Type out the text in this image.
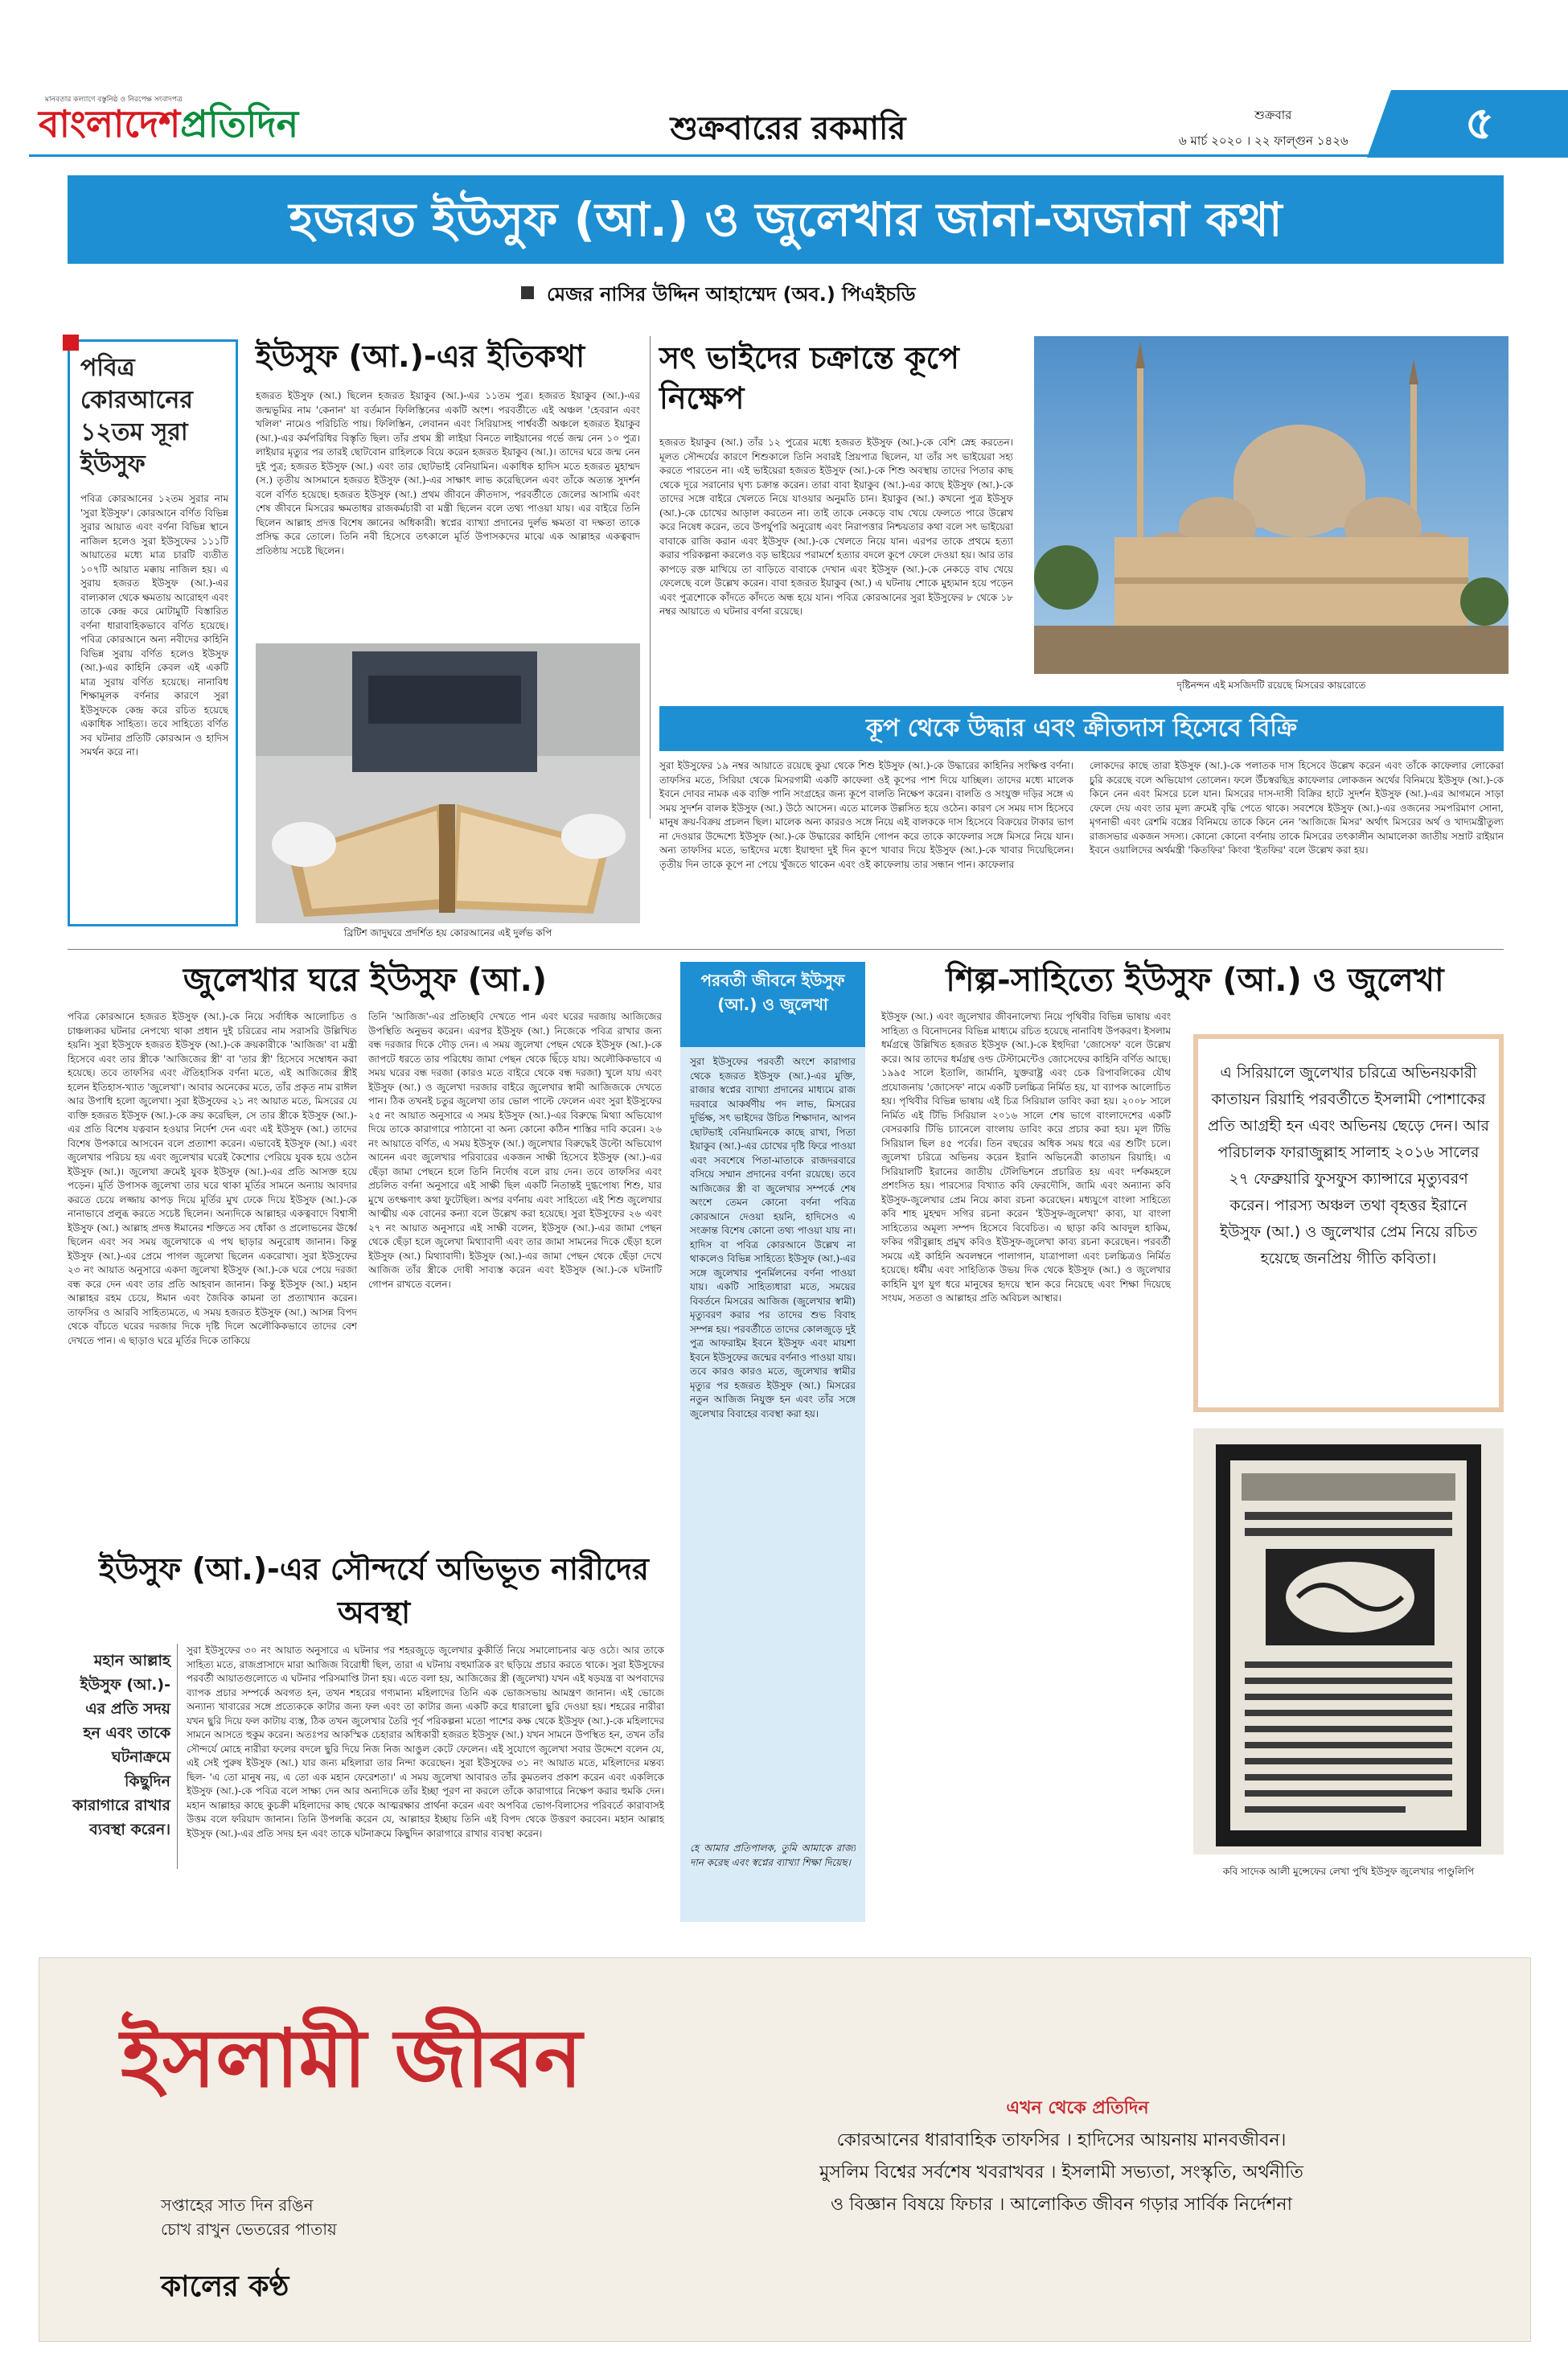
মানবতার কল্যাণে বস্তুনিষ্ঠ ও নিরপেক্ষ সংবাদপত্র
বাংলাদেশপ্রতিদিন	শুক্রবারের রকমারি	শুক্রবার
৬ মার্চ ২০২০ । ২২ ফাল্গুন ১৪২৬	৫
হজরত ইউসুফ (আ.) ও জুলেখার জানা-অজানা কথা
মেজর নাসির উদ্দিন আহাম্মেদ (অব.) পিএইচডি
পবিত্র কোরআনের ১২তম সূরা ইউসুফ

পবিত্র কোরআনের ১২তম সুরার নাম 'সুরা ইউসুফ'। কোরআনে বর্ণিত বিভিন্ন সুরার আয়াত এবং বর্ণনা বিভিন্ন স্থানে নাজিল হলেও সুরা ইউসুফের ১১১টি আয়াতের মধ্যে মাত্র চারটি ব্যতীত ১০৭টি আয়াত মক্কায় নাজিল হয়। এ সুরায় হজরত ইউসুফ (আ.)-এর বাল্যকাল থেকে ক্ষমতায় আরোহণ এবং তাকে কেন্দ্র করে মোটামুটি বিস্তারিত বর্ণনা ধারাবাহিকভাবে বর্ণিত হয়েছে। পবিত্র কোরআনে অন্য নবীদের কাহিনি বিভিন্ন সুরায় বর্ণিত হলেও ইউসুফ (আ.)-এর কাহিনি কেবল এই একটি মাত্র সুরায় বর্ণিত হয়েছে। নানাবিধ শিক্ষামূলক বর্ণনার কারণে সুরা ইউসুফকে কেন্দ্র করে রচিত হয়েছে একাধিক সাহিত্য। তবে সাহিত্যে বর্ণিত সব ঘটনার প্রতিটি কোরআন ও হাদিস সমর্থন করে না।

ইউসুফ (আ.)-এর ইতিকথা

হজরত ইউসুফ (আ.) ছিলেন হজরত ইয়াকুব (আ.)-এর ১১তম পুত্র। হজরত ইয়াকুব (আ.)-এর জন্মভূমির নাম 'কেনান' যা বর্তমান ফিলিস্তিনের একটি অংশ। পরবর্তীতে এই অঞ্চল 'হেবরান এবং খলিল' নামেও পরিচিতি পায়। ফিলিস্তিন, লেবানন এবং সিরিয়াসহ পার্শ্ববর্তী অঞ্চলে হজরত ইয়াকুব (আ.)-এর কর্মপরিধির বিস্তৃতি ছিল। তাঁর প্রথম স্ত্রী লাইয়া বিনতে লাইয়ানের গর্ভে জন্ম নেন ১০ পুত্র। লাইয়ার মৃত্যুর পর তারই ছোটবোন রাহিলকে বিয়ে করেন হজরত ইয়াকুব (আ.)। তাদের ঘরে জন্ম নেন দুই পুত্র; হজরত ইউসুফ (আ.) এবং তার ছোটভাই বেনিয়ামিন। একাধিক হাদিস মতে হজরত মুহাম্মদ (স.) তৃতীয় আসমানে হজরত ইউসুফ (আ.)-এর সাক্ষাৎ লাভ করেছিলেন এবং তাঁকে অত্যন্ত সুদর্শন বলে বর্ণিত হয়েছে। হজরত ইউসুফ (আ.) প্রথম জীবনে ক্রীতদাস, পরবর্তীতে জেলের আসামি এবং শেষ জীবনে মিসরের ক্ষমতাধর রাজকর্মচারী বা মন্ত্রী ছিলেন বলে তথ্য পাওয়া যায়। এর বাইরে তিনি ছিলেন আল্লাহ প্রদত্ত বিশেষ জ্ঞানের অধিকারী। স্বপ্নের ব্যাখ্যা প্রদানের দুর্লভ ক্ষমতা বা দক্ষতা তাকে প্রসিদ্ধ করে তোলে। তিনি নবী হিসেবে তৎকালে মূর্তি উপাসকদের মাঝে এক আল্লাহর একত্ববাদ প্রতিষ্ঠায় সচেষ্ট ছিলেন।

ব্রিটিশ জাদুঘরে প্রদর্শিত হয় কোরআনের এই দুর্লভ কপি
সৎ ভাইদের চক্রান্তে কূপে নিক্ষেপ

হজরত ইয়াকুব (আ.) তাঁর ১২ পুত্রের মধ্যে হজরত ইউসুফ (আ.)-কে বেশি স্নেহ করতেন। মূলত সৌন্দর্যের কারণে শিশুকালে তিনি সবারই প্রিয়পাত্র ছিলেন, যা তাঁর সৎ ভাইয়েরা সহ্য করতে পারতেন না। এই ভাইয়েরা হজরত ইউসুফ (আ.)-কে শিশু অবস্থায় তাদের পিতার কাছ থেকে দূরে সরানোর ঘৃণ্য চক্রান্ত করেন। তারা বাবা ইয়াকুব (আ.)-এর কাছে ইউসুফ (আ.)-কে তাদের সঙ্গে বাইরে খেলতে নিয়ে যাওয়ার অনুমতি চান। ইয়াকুব (আ.) কখনো পুত্র ইউসুফ (আ.)-কে চোখের আড়াল করতেন না। তাই তাকে নেকড়ে বাঘ খেয়ে ফেলতে পারে উল্লেখ করে নিষেধ করেন, তবে উপর্যুপরি অনুরোধ এবং নিরাপত্তার নিশ্চয়তার কথা বলে সৎ ভাইয়েরা বাবাকে রাজি করান এবং ইউসুফ (আ.)-কে খেলতে নিয়ে যান। এরপর তাকে প্রথমে হত্যা করার পরিকল্পনা করলেও বড় ভাইয়ের পরামর্শে হত্যার বদলে কূপে ফেলে দেওয়া হয়। আর তার কাপড়ে রক্ত মাখিয়ে তা বাড়িতে বাবাকে দেখান এবং ইউসুফ (আ.)-কে নেকড়ে বাঘ খেয়ে ফেলেছে বলে উল্লেখ করেন। বাবা হজরত ইয়াকুব (আ.) এ ঘটনায় শোকে মুহ্যমান হয়ে পড়েন এবং পুত্রশোকে কাঁদতে কাঁদতে অন্ধ হয়ে যান। পবিত্র কোরআনের সুরা ইউসুফের ৮ থেকে ১৮ নম্বর আয়াতে এ ঘটনার বর্ণনা রয়েছে।

দৃষ্টিনন্দন এই মসজিদটি রয়েছে মিসরের কায়রোতে
কূপ থেকে উদ্ধার এবং ক্রীতদাস হিসেবে বিক্রি

সুরা ইউসুফের ১৯ নম্বর আয়াতে রয়েছে কুয়া থেকে শিশু ইউসুফ (আ.)-কে উদ্ধারের কাহিনির সংক্ষিপ্ত বর্ণনা। তাফসির মতে, সিরিয়া থেকে মিসরগামী একটি কাফেলা ওই কূপের পাশ দিয়ে যাচ্ছিল। তাদের মধ্যে মালেক ইবনে দোবর নামক এক ব্যক্তি পানি সংগ্রহের জন্য কূপে বালতি নিক্ষেপ করেন। বালতি ও সংযুক্ত দড়ির সঙ্গে এ সময় সুদর্শন বালক ইউসুফ (আ.) উঠে আসেন। এতে মালেক উল্লসিত হয়ে ওঠেন। কারণ সে সময় দাস হিসেবে মানুষ ক্রয়-বিক্রয় প্রচলন ছিল। মালেক অন্য কাররও সঙ্গে নিয়ে এই বালককে দাস হিসেবে বিক্রয়ের টাকার ভাগ না দেওয়ার উদ্দেশ্যে ইউসুফ (আ.)-কে উদ্ধারের কাহিনি গোপন করে তাকে কাফেলার সঙ্গে মিসরে নিয়ে যান। অন্য তাফসির মতে, ভাইদের মধ্যে ইয়াহুদা দুই দিন কূপে খাবার দিয়ে ইউসুফ (আ.)-কে খাবার দিয়েছিলেন। তৃতীয় দিন তাকে কূপে না পেয়ে খুঁজতে থাকেন এবং ওই কাফেলায় তার সন্ধান পান। কাফেলার

লোকদের কাছে তারা ইউসুফ (আ.)-কে পলাতক দাস হিসেবে উল্লেখ করেন এবং তাঁকে কাফেলার লোকেরা চুরি করেছে বলে অভিযোগ তোলেন। ফলে উঁচস্বরছিদ্র কাফেলার লোকজন অর্থের বিনিময়ে ইউসুফ (আ.)-কে কিনে নেন এবং মিসরে চলে যান। মিসরের দাস-দাসী বিক্রির হাটে সুদর্শন ইউসুফ (আ.)-এর আগমনে সাড়া ফেলে দেয় এবং তার মূল্য ক্রমেই বৃদ্ধি পেতে থাকে। সবশেষে ইউসুফ (আ.)-এর ওজনের সমপরিমাণ সোনা, মৃগনাভী এবং রেশমি বস্ত্রের বিনিময়ে তাকে কিনে নেন 'আজিজে মিসর' অর্থাৎ মিসরের অর্থ ও খাদ্যমন্ত্রীতুল্য রাজসভার একজন সদস্য। কোনো কোনো বর্ণনায় তাকে মিসরের তৎকালীন আমালেকা জাতীয় সম্রাট রাইয়ান ইবনে ওয়ালিদের অর্থমন্ত্রী 'কিতফির' কিংবা 'ইতফির' বলে উল্লেখ করা হয়।

জুলেখার ঘরে ইউসুফ (আ.)

পবিত্র কোরআনে হজরত ইউসুফ (আ.)-কে নিয়ে সর্বাধিক আলোচিত ও চাঞ্চল্যকর ঘটনার নেপথ্যে থাকা প্রধান দুই চরিত্রের নাম সরাসরি উল্লিখিত হয়নি। সুরা ইউসুফে হজরত ইউসুফ (আ.)-কে ক্রয়কারীকে 'আজিজ' বা মন্ত্রী হিসেবে এবং তার স্ত্রীকে 'আজিজের স্ত্রী' বা 'তার স্ত্রী' হিসেবে সম্বোধন করা হয়েছে। তবে তাফসির এবং ঐতিহাসিক বর্ণনা মতে, এই আজিজের স্ত্রীই হলেন ইতিহাস-খ্যাত 'জুলেখা'। আবার অনেকের মতে, তাঁর প্রকৃত নাম রাঈল আর উপাধি হলো জুলেখা। সুরা ইউসুফের ২১ নং আয়াত মতে, মিসরের যে ব্যক্তি হজরত ইউসুফ (আ.)-কে ক্রয় করেছিল, সে তার স্ত্রীকে ইউসুফ (আ.)-এর প্রতি বিশেষ যত্নবান হওয়ার নির্দেশ দেন এবং এই ইউসুফ (আ.) তাদের বিশেষ উপকারে আসবেন বলে প্রত্যাশা করেন। এভাবেই ইউসুফ (আ.) এবং জুলেখার পরিচয় হয় এবং জুলেখার ঘরেই কৈশোর পেরিয়ে যুবক হয়ে ওঠেন ইউসুফ (আ.)। জুলেখা ক্রমেই যুবক ইউসুফ (আ.)-এর প্রতি আসক্ত হয়ে পড়েন। মূর্তি উপাসক জুলেখা তার ঘরে থাকা মূর্তির সামনে অন্যায় আবদার করতে চেয়ে লজ্জায় কাপড় দিয়ে মূর্তির মুখ ঢেকে দিয়ে ইউসুফ (আ.)-কে নানাভাবে প্রলুব্ধ করতে সচেষ্ট ছিলেন। অন্যদিকে আল্লাহর একত্ববাদে বিশ্বাসী ইউসুফ (আ.) আল্লাহ প্রদত্ত ঈমানের শক্তিতে সব ধোঁকা ও প্রলোভনের ঊর্ধ্বে ছিলেন এবং সব সময় জুলেখাকে এ পথ ছাড়ার অনুরোধ জানান। কিন্তু ইউসুফ (আ.)-এর প্রেমে পাগল জুলেখা ছিলেন একরোখা। সুরা ইউসুফের ২৩ নং আয়াত অনুসারে একদা জুলেখা ইউসুফ (আ.)-কে ঘরে পেয়ে দরজা বন্ধ করে দেন এবং তার প্রতি আহবান জানান। কিন্তু ইউসুফ (আ.) মহান আল্লাহর রহম চেয়ে, ঈমান এবং জৈবিক কামনা তা প্রত্যাখ্যান করেন। তাফসির ও আরবি সাহিত্যমতে, এ সময় হজরত ইউসুফ (আ.) আসন্ন বিপদ থেকে বাঁচতে ঘরের দরজার দিকে দৃষ্টি দিলে অলৌকিকভাবে তাদের বেশ দেখতে পান। এ ছাড়াও ঘরে মূর্তির দিকে তাকিয়ে

তিনি 'আজিজ'-এর প্রতিচ্ছবি দেখতে পান এবং ঘরের দরজায় আজিজের উপস্থিতি অনুভব করেন। এরপর ইউসুফ (আ.) নিজেকে পবিত্র রাখার জন্য বন্ধ দরজার দিকে দৌড় দেন। এ সময় জুলেখা পেছন থেকে ইউসুফ (আ.)-কে জাপটে ধরতে তার পরিধেয় জামা পেছন থেকে ছিঁড়ে যায়। অলৌকিকভাবে এ সময় ঘরের বন্ধ দরজা (কারও মতে বাইরে থেকে বন্ধ দরজা) খুলে যায় এবং ইউসুফ (আ.) ও জুলেখা দরজার বাইরে জুলেখার স্বামী আজিজকে দেখতে পান। ঠিক তখনই চতুর জুলেখা তার ভোল পাল্টে ফেলেন এবং সুরা ইউসুফের ২৫ নং আয়াত অনুসারে এ সময় ইউসুফ (আ.)-এর বিরুদ্ধে মিথ্যা অভিযোগ দিয়ে তাকে কারাগারে পাঠানো বা অন্য কোনো কঠিন শাস্তির দাবি করেন। ২৬ নং আয়াতে বর্ণিত, এ সময় ইউসুফ (আ.) জুলেখার বিরুদ্ধেই উল্টো অভিযোগ আনেন এবং জুলেখার পরিবারের একজন সাক্ষী হিসেবে ইউসুফ (আ.)-এর ছেঁড়া জামা পেছনে হলে তিনি নির্দোষ বলে রায় দেন। তবে তাফসির এবং প্রচলিত বর্ণনা অনুসারে এই সাক্ষী ছিল একটি নিতান্তই দুগ্ধপোষ্য শিশু, যার মুখে তৎক্ষণাৎ কথা ফুটেছিল। অপর বর্ণনায় এবং সাহিত্যে এই শিশু জুলেখার আত্মীয় এক বোনের কন্যা বলে উল্লেখ করা হয়েছে। সুরা ইউসুফের ২৬ এবং ২৭ নং আয়াত অনুসারে এই সাক্ষী বলেন, ইউসুফ (আ.)-এর জামা পেছন থেকে ছেঁড়া হলে জুলেখা মিথ্যাবাদী এবং তার জামা সামনের দিকে ছেঁড়া হলে ইউসুফ (আ.) মিথ্যাবাদী। ইউসুফ (আ.)-এর জামা পেছন থেকে ছেঁড়া দেখে আজিজ তাঁর স্ত্রীকে দোষী সাব্যস্ত করেন এবং ইউসুফ (আ.)-কে ঘটনাটি গোপন রাখতে বলেন।

পরবর্তী জীবনে ইউসুফ (আ.) ও জুলেখা

সুরা ইউসুফের পরবর্তী অংশে কারাগার থেকে হজরত ইউসুফ (আ.)-এর মুক্তি, রাজার স্বপ্নের ব্যাখ্যা প্রদানের মাধ্যমে রাজ দরবারে আকর্ষণীয় পদ লাভ, মিসরের দুর্ভিক্ষ, সৎ ভাইদের উচিত শিক্ষাদান, আপন ছোটভাই বেনিয়ামিনকে কাছে রাখা, পিতা ইয়াকুব (আ.)-এর চোখের দৃষ্টি ফিরে পাওয়া এবং সবশেষে পিতা-মাতাকে রাজদরবারে বসিয়ে সম্মান প্রদানের বর্ণনা রয়েছে। তবে আজিজের স্ত্রী বা জুলেখার সম্পর্কে শেষ অংশে তেমন কোনো বর্ণনা পবিত্র কোরআনে দেওয়া হয়নি, হাদিসেও এ সংক্রান্ত বিশেষ কোনো তথ্য পাওয়া যায় না। হাদিস বা পবিত্র কোরআনে উল্লেখ না থাকলেও বিভিন্ন সাহিত্যে ইউসুফ (আ.)-এর সঙ্গে জুলেখার পুনর্মিলনের বর্ণনা পাওয়া যায়। একটি সাহিত্যধারা মতে, সময়ের বিবর্তনে মিসরের আজিজ (জুলেখার স্বামী) মৃত্যুবরণ করার পর তাদের শুভ বিবাহ সম্পন্ন হয়। পরবর্তীতে তাদের কোলজুড়ে দুই পুত্র আফরাইম ইবনে ইউসুফ এবং মায়শা ইবনে ইউসুফের জন্মের বর্ণনাও পাওয়া যায়। তবে কারও কারও মতে, জুলেখার স্বামীর মৃত্যুর পর হজরত ইউসুফ (আ.) মিসরের নতুন আজিজ নিযুক্ত হন এবং তাঁর সঙ্গে জুলেখার বিবাহের ব্যবস্থা করা হয়।

হে আমার প্রতিপালক, তুমি আমাকে রাজ্য দান করেছ এবং স্বপ্নের ব্যাখ্যা শিক্ষা দিয়েছ।

ইউসুফ (আ.)-এর সৌন্দর্যে অভিভূত নারীদের অবস্থা
মহান আল্লাহ ইউসুফ (আ.)-এর প্রতি সদয় হন এবং তাকে ঘটনাক্রমে কিছুদিন কারাগারে রাখার ব্যবস্থা করেন।

সুরা ইউসুফের ৩০ নং আয়াত অনুসারে এ ঘটনার পর শহরজুড়ে জুলেখার কুকীর্তি নিয়ে সমালোচনার ঝড় ওঠে। আর তাকে সাহিত্য মতে, রাজপ্রাসাদে মারা আজিজ বিরোধী ছিল, তারা এ ঘটনায় বহুমাত্রিক রং ছড়িয়ে প্রচার করতে থাকে। সুরা ইউসুফের পরবর্তী আয়াতগুলোতে এ ঘটনার পরিসমাপ্তি টানা হয়। এতে বলা হয়, আজিজের স্ত্রী (জুলেখা) যখন এই ষড়যন্ত্র বা অপবাদের ব্যাপক প্রচার সম্পর্কে অবগত হন, তখন শহরের গণ্যমান্য মহিলাদের তিনি এক ভোজসভায় আমন্ত্রণ জানান। এই ভোজে অন্যান্য খাবারের সঙ্গে প্রত্যেককে কাটার জন্য ফল এবং তা কাটার জন্য একটি করে ধারালো ছুরি দেওয়া হয়। শহরের নারীরা যখন ছুরি দিয়ে ফল কাটায় ব্যস্ত, ঠিক তখন জুলেখার তৈরি পূর্ব পরিকল্পনা মতো পাশের কক্ষ থেকে ইউসুফ (আ.)-কে মহিলাদের সামনে আসতে হুকুম করেন। অতঃপর আকস্মিক চেহারার অধিকারী হজরত ইউসুফ (আ.) যখন সামনে উপস্থিত হন, তখন তাঁর সৌন্দর্যে মোহে নারীরা ফলের বদলে ছুরি দিয়ে নিজ নিজ আঙুল কেটে ফেলেন। এই সুযোগে জুলেখা সবার উদ্দেশে বলেন যে, এই সেই পুরুষ ইউসুফ (আ.) যার জন্য মহিলারা তার নিন্দা করেছেন। সুরা ইউসুফের ৩১ নং আয়াত মতে, মহিলাদের মন্তব্য ছিল- 'এ তো মানুষ নয়, এ তো এক মহান ফেরেশতা।' এ সময় জুলেখা আবারও তাঁর কুমতলব প্রকাশ করেন এবং একলিকে ইউসুফ (আ.)-কে পবিত্র বলে সাক্ষ্য দেন আর অন্যদিকে তাঁর ইচ্ছা পূরণ না করলে তাঁকে কারাগারে নিক্ষেপ করার হুমকি দেন। মহান আল্লাহর কাছে কুচক্রী মহিলাদের কাছ থেকে আত্মরক্ষার প্রার্থনা করেন এবং অপবিত্র ভোগ-বিলাসের পরিবর্তে কারাবাসই উত্তম বলে ফরিয়াদ জানান। তিনি উপলব্ধি করেন যে, আল্লাহর ইচ্ছায় তিনি এই বিপদ থেকে উত্তরণ করবেন। মহান আল্লাহ ইউসুফ (আ.)-এর প্রতি সদয় হন এবং তাকে ঘটনাক্রমে কিছুদিন কারাগারে রাখার ব্যবস্থা করেন।

শিল্প-সাহিত্যে ইউসুফ (আ.) ও জুলেখা

ইউসুফ (আ.) এবং জুলেখার জীবনালেখ্য নিয়ে পৃথিবীর বিভিন্ন ভাষায় এবং সাহিত্য ও বিনোদনের বিভিন্ন মাধ্যমে রচিত হয়েছে নানাবিধ উপকরণ। ইসলাম ধর্মগ্রন্থে উল্লিখিত হজরত ইউসুফ (আ.)-কে ইহুদিরা 'জোসেফ' বলে উল্লেখ করে। আর তাদের ধর্মগ্রন্থ ওল্ড টেস্টামেন্টেও জোসেফের কাহিনি বর্ণিত আছে। ১৯৯৫ সালে ইতালি, জার্মানি, যুক্তরাষ্ট্র এবং চেক রিপাবলিকের যৌথ প্রযোজনায় 'জোসেফ' নামে একটি চলচ্চিত্র নির্মিত হয়, যা ব্যাপক আলোচিত হয়। পৃথিবীর বিভিন্ন ভাষায় এই চিত্র সিরিয়াল ডাবিং করা হয়। ২০০৮ সালে নির্মিত এই টিভি সিরিয়াল ২০১৬ সালে শেষ ভাগে বাংলাদেশের একটি বেসরকারি টিভি চ্যানেলে বাংলায় ডাবিং করে প্রচার করা হয়। মূল টিভি সিরিয়াল ছিল ৪৫ পর্বের। তিন বছরের অধিক সময় ধরে এর শুটিং চলে। জুলেখা চরিত্রে অভিনয় করেন ইরানি অভিনেত্রী কাতায়ন রিয়াহি। এ সিরিয়ালটি ইরানের জাতীয় টেলিভিশনে প্রচারিত হয় এবং দর্শকমহলে প্রশংসিত হয়। পারস্যের বিখ্যাত কবি ফেরদৌসি, জামি এবং অন্যান্য কবি ইউসুফ-জুলেখার প্রেম নিয়ে কাব্য রচনা করেছেন। মধ্যযুগে বাংলা সাহিত্যে কবি শাহ মুহম্মদ সগির রচনা করেন 'ইউসুফ-জুলেখা' কাব্য, যা বাংলা সাহিত্যের অমূল্য সম্পদ হিসেবে বিবেচিত। এ ছাড়া কবি আবদুল হাকিম, ফকির গরীবুল্লাহ প্রমুখ কবিও ইউসুফ-জুলেখা কাব্য রচনা করেছেন। পরবর্তী সময়ে এই কাহিনি অবলম্বনে পালাগান, যাত্রাপালা এবং চলচ্চিত্রও নির্মিত হয়েছে। ধর্মীয় এবং সাহিত্যিক উভয় দিক থেকে ইউসুফ (আ.) ও জুলেখার কাহিনি যুগ যুগ ধরে মানুষের হৃদয়ে স্থান করে নিয়েছে এবং শিক্ষা দিয়েছে সংযম, সততা ও আল্লাহর প্রতি অবিচল আস্থার।

এ সিরিয়ালে জুলেখার চরিত্রে অভিনয়কারী কাতায়ন রিয়াহি পরবর্তীতে ইসলামী পোশাকের প্রতি আগ্রহী হন এবং অভিনয় ছেড়ে দেন। আর পরিচালক ফারাজুল্লাহ সালাহ ২০১৬ সালের ২৭ ফেব্রুয়ারি ফুসফুস ক্যান্সারে মৃত্যুবরণ করেন। পারস্য অঞ্চল তথা বৃহত্তর ইরানে ইউসুফ (আ.) ও জুলেখার প্রেম নিয়ে রচিত হয়েছে জনপ্রিয় গীতি কবিতা।

কবি সাদেক আলী মুন্সেফের লেখা পুথি ইউসুফ জুলেখার পাণ্ডুলিপি
ইসলামী জীবন
সপ্তাহের সাত দিন রঙিন
চোখ রাখুন ভেতরের পাতায়
কালের কণ্ঠ
এখন থেকে প্রতিদিন
কোরআনের ধারাবাহিক তাফসির । হাদিসের আয়নায় মানবজীবন।
মুসলিম বিশ্বের সর্বশেষ খবরাখবর । ইসলামী সভ্যতা, সংস্কৃতি, অর্থনীতি
ও বিজ্ঞান বিষয়ে ফিচার । আলোকিত জীবন গড়ার সার্বিক নির্দেশনা
